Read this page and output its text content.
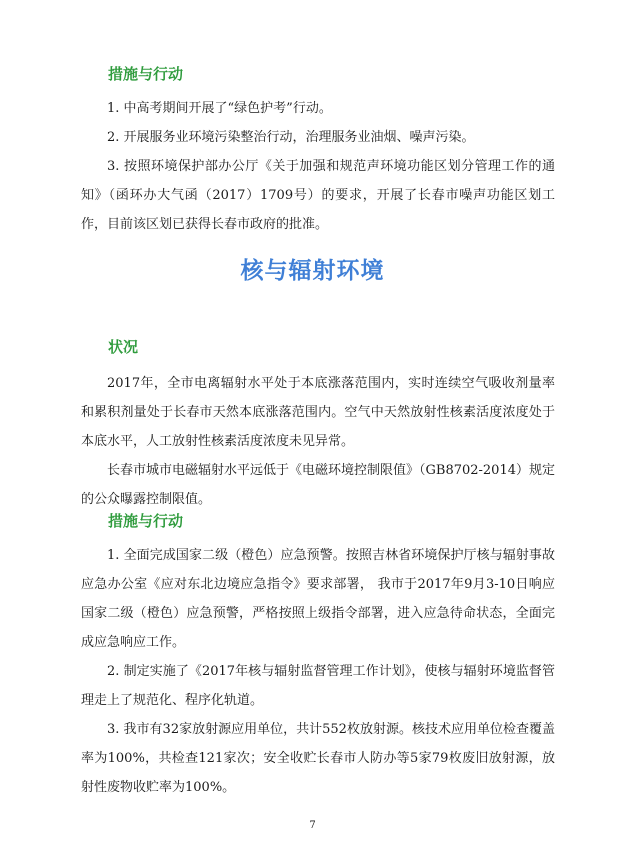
措施与行动

1. 中高考期间开展了“绿色护考”行动。

2. 开展服务业环境污染整治行动，治理服务业油烟、噪声污染。

3. 按照环境保护部办公厅《关于加强和规范声环境功能区划分管理工作的通知》（函环办大气函（2017）1709号）的要求，开展了长春市噪声功能区划工作，目前该区划已获得长春市政府的批准。

核与辐射环境
状况

2017年，全市电离辐射水平处于本底涨落范围内，实时连续空气吸收剂量率和累积剂量处于长春市天然本底涨落范围内。空气中天然放射性核素活度浓度处于本底水平，人工放射性核素活度浓度未见异常。

长春市城市电磁辐射水平远低于《电磁环境控制限值》（GB8702-2014）规定的公众曝露控制限值。

措施与行动

1. 全面完成国家二级（橙色）应急预警。按照吉林省环境保护厅核与辐射事故应急办公室《应对东北边境应急指令》要求部署， 我市于2017年9月3-10日响应国家二级（橙色）应急预警，严格按照上级指令部署，进入应急待命状态，全面完成应急响应工作。

2. 制定实施了《2017年核与辐射监督管理工作计划》，使核与辐射环境监督管理走上了规范化、程序化轨道。

3. 我市有32家放射源应用单位，共计552枚放射源。核技术应用单位检查覆盖率为100%，共检查121家次；安全收贮长春市人防办等5家79枚废旧放射源，放射性废物收贮率为100%。

7
